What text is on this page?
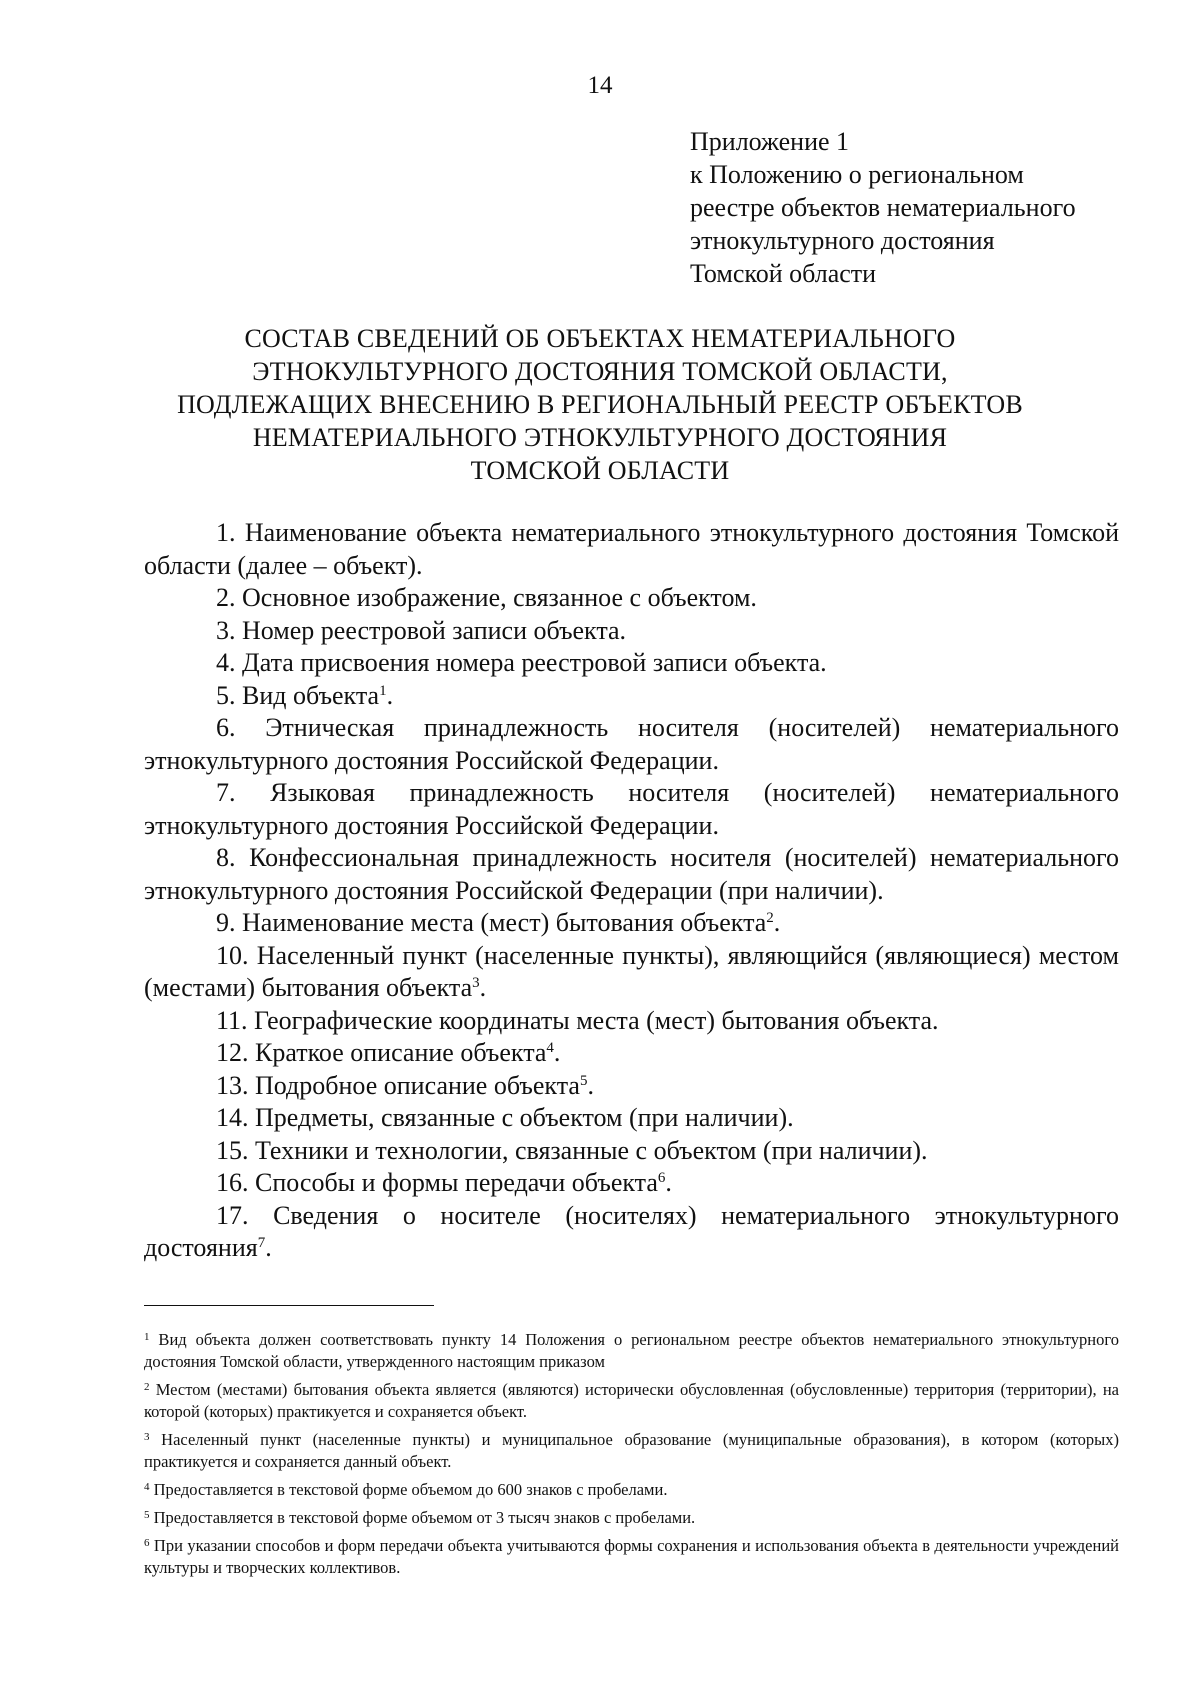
14
Приложение 1
к Положению о региональном
реестре объектов нематериального
этнокультурного достояния
Томской области
СОСТАВ СВЕДЕНИЙ ОБ ОБЪЕКТАХ НЕМАТЕРИАЛЬНОГО
ЭТНОКУЛЬТУРНОГО ДОСТОЯНИЯ ТОМСКОЙ ОБЛАСТИ,
ПОДЛЕЖАЩИХ ВНЕСЕНИЮ В РЕГИОНАЛЬНЫЙ РЕЕСТР ОБЪЕКТОВ
НЕМАТЕРИАЛЬНОГО ЭТНОКУЛЬТУРНОГО ДОСТОЯНИЯ
ТОМСКОЙ ОБЛАСТИ

1. Наименование объекта нематериального этнокультурного достояния Томской области (далее – объект).

2. Основное изображение, связанное с объектом.

3. Номер реестровой записи объекта.

4. Дата присвоения номера реестровой записи объекта.

5. Вид объекта$^1$.

6. Этническая принадлежность носителя (носителей) нематериального этнокультурного достояния Российской Федерации.

7. Языковая принадлежность носителя (носителей) нематериального этнокультурного достояния Российской Федерации.

8. Конфессиональная принадлежность носителя (носителей) нематериального этнокультурного достояния Российской Федерации (при наличии).

9. Наименование места (мест) бытования объекта$^2$.

10. Населенный пункт (населенные пункты), являющийся (являющиеся) местом (местами) бытования объекта$^3$.

11. Географические координаты места (мест) бытования объекта.

12. Краткое описание объекта$^4$.

13. Подробное описание объекта$^5$.

14. Предметы, связанные с объектом (при наличии).

15. Техники и технологии, связанные с объектом (при наличии).

16. Способы и формы передачи объекта$^6$.

17. Сведения о носителе (носителях) нематериального этнокультурного достояния$^7$.

$^1$ Вид объекта должен соответствовать пункту 14 Положения о региональном реестре объектов нематериального этнокультурного достояния Томской области, утвержденного настоящим приказом

$^2$ Местом (местами) бытования объекта является (являются) исторически обусловленная (обусловленные) территория (территории), на которой (которых) практикуется и сохраняется объект.

$^3$ Населенный пункт (населенные пункты) и муниципальное образование (муниципальные образования), в котором (которых) практикуется и сохраняется данный объект.

$^4$ Предоставляется в текстовой форме объемом до 600 знаков с пробелами.

$^5$ Предоставляется в текстовой форме объемом от 3 тысяч знаков с пробелами.

$^6$ При указании способов и форм передачи объекта учитываются формы сохранения и использования объекта в деятельности учреждений культуры и творческих коллективов.
